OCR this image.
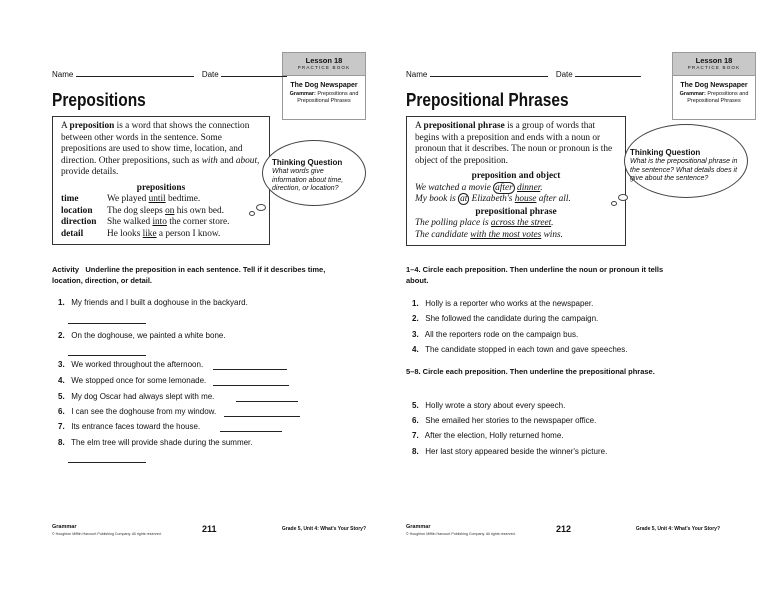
Lesson 18
PRACTICE BOOK
The Dog Newspaper
Grammar: Prepositions and Prepositional Phrases
Name	Date
Prepositions
A preposition is a word that shows the connection between other words in the sentence. Some prepositions are used to show time, location, and direction. Other prepositions, such as with and about, provide details.
prepositions
time	We played until bedtime.
location	The dog sleeps on his own bed.
direction	She walked into the corner store.
detail	He looks like a person I know.
Thinking Question
What words give information about time, direction, or location?
Activity Underline the preposition in each sentence. Tell if it describes time, location, direction, or detail.
1. My friends and I built a doghouse in the backyard.
2. On the doghouse, we painted a white bone.
3. We worked throughout the afternoon.
4. We stopped once for some lemonade.
5. My dog Oscar had always slept with me.
6. I can see the doghouse from my window.
7. Its entrance faces toward the house.
8. The elm tree will provide shade during the summer.
Grammar
© Houghton Mifflin Harcourt Publishing Company. All rights reserved.	211	Grade 5, Unit 4: What's Your Story?
Lesson 18
PRACTICE BOOK
The Dog Newspaper
Grammar: Prepositions and Prepositional Phrases
Name	Date
Prepositional Phrases
A prepositional phrase is a group of words that begins with a preposition and ends with a noun or pronoun that it describes. The noun or pronoun is the object of the preposition.
preposition and object
We watched a movie after dinner.
My book is at Elizabeth's house after all.
prepositional phrase
The polling place is across the street.
The candidate with the most votes wins.
Thinking Question
What is the prepositional phrase in the sentence? What details does it give about the sentence?
1–4. Circle each preposition. Then underline the noun or pronoun it tells about.
1. Holly is a reporter who works at the newspaper.
2. She followed the candidate during the campaign.
3. All the reporters rode on the campaign bus.
4. The candidate stopped in each town and gave speeches.
5–8. Circle each preposition. Then underline the prepositional phrase.
5. Holly wrote a story about every speech.
6. She emailed her stories to the newspaper office.
7. After the election, Holly returned home.
8. Her last story appeared beside the winner's picture.
Grammar
© Houghton Mifflin Harcourt Publishing Company. All rights reserved.	212	Grade 5, Unit 4: What's Your Story?
